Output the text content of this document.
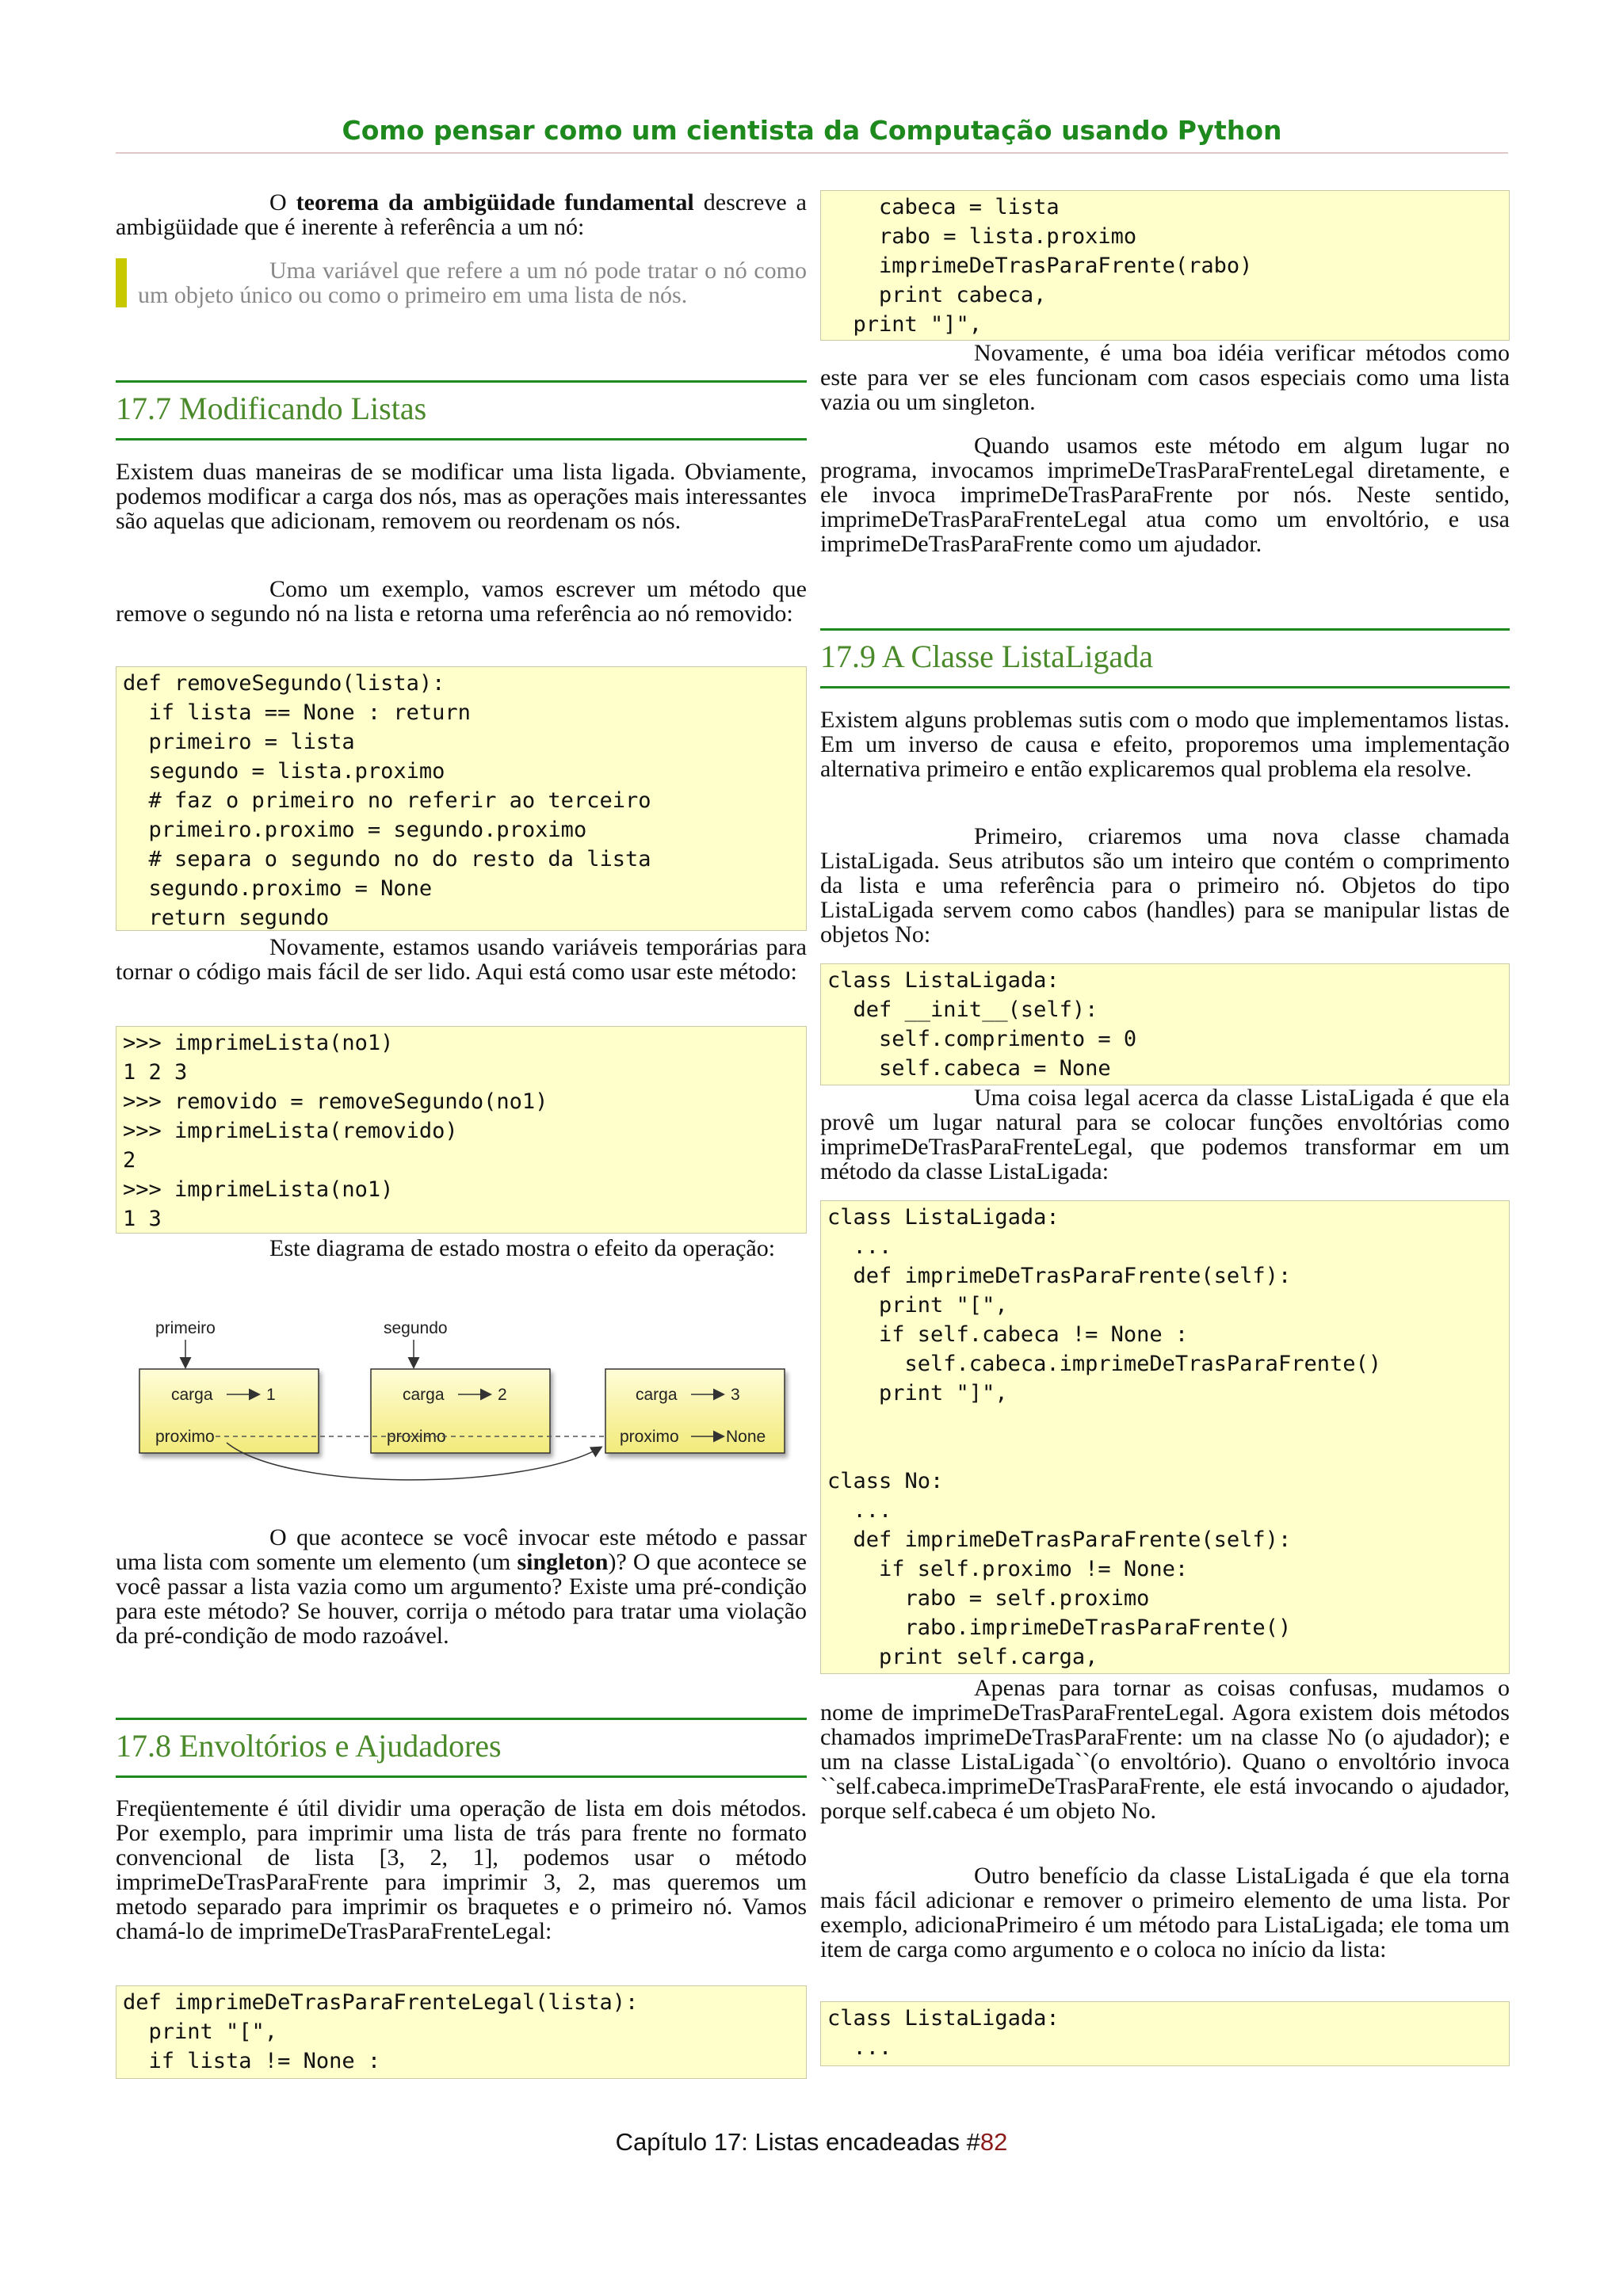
Como pensar como um cientista da Computação usando Python

O teorema da ambigüidade fundamental descreve a ambigüidade que é inerente à referência a um nó:

Uma variável que refere a um nó pode tratar o nó como um objeto único ou como o primeiro em uma lista de nós.

17.7 Modificando Listas

Existem duas maneiras de se modificar uma lista ligada. Obviamente, podemos modificar a carga dos nós, mas as operações mais interessantes são aquelas que adicionam, removem ou reordenam os nós.

Como um exemplo, vamos escrever um método que remove o segundo nó na lista e retorna uma referência ao nó removido:

def removeSegundo(lista):
if lista == None : return
primeiro = lista
segundo = lista.proximo
# faz o primeiro no referir ao terceiro
primeiro.proximo = segundo.proximo
# separa o segundo no do resto da lista
segundo.proximo = None
return segundo

Novamente, estamos usando variáveis temporárias para tornar o código mais fácil de ser lido. Aqui está como usar este método:

>>> imprimeLista(no1)
1 2 3
>>> removido = removeSegundo(no1)
>>> imprimeLista(removido)
2
>>> imprimeLista(no1)
1 3

Este diagrama de estado mostra o efeito da operação:

primeiro	segundo
carga	1
proximo
carga	2
proximo
carga	3
proximo	None

O que acontece se você invocar este método e passar uma lista com somente um elemento (um singleton)? O que acontece se você passar a lista vazia como um argumento? Existe uma pré-condição para este método? Se houver, corrija o método para tratar uma violação da pré-condição de modo razoável.

17.8 Envoltórios e Ajudadores

Freqüentemente é útil dividir uma operação de lista em dois métodos. Por exemplo, para imprimir uma lista de trás para frente no formato convencional de lista [3, 2, 1], podemos usar o método imprimeDeTrasParaFrente para imprimir 3, 2, mas queremos um metodo separado para imprimir os braquetes e o primeiro nó. Vamos chamá-lo de imprimeDeTrasParaFrenteLegal:

def imprimeDeTrasParaFrenteLegal(lista):
print "[",
if lista != None :
cabeca = lista
rabo = lista.proximo
imprimeDeTrasParaFrente(rabo)
print cabeca,
print "]",

Novamente, é uma boa idéia verificar métodos como este para ver se eles funcionam com casos especiais como uma lista vazia ou um singleton.

Quando usamos este método em algum lugar no programa, invocamos imprimeDeTrasParaFrenteLegal diretamente, e ele invoca imprimeDeTrasParaFrente por nós. Neste sentido, imprimeDeTrasParaFrenteLegal atua como um envoltório, e usa imprimeDeTrasParaFrente como um ajudador.

17.9 A Classe ListaLigada

Existem alguns problemas sutis com o modo que implementamos listas. Em um inverso de causa e efeito, proporemos uma implementação alternativa primeiro e então explicaremos qual problema ela resolve.

Primeiro, criaremos uma nova classe chamada ListaLigada. Seus atributos são um inteiro que contém o comprimento da lista e uma referência para o primeiro nó. Objetos do tipo ListaLigada servem como cabos (handles) para se manipular listas de objetos No:

class ListaLigada:
def __init__(self):
self.comprimento = 0
self.cabeca = None

Uma coisa legal acerca da classe ListaLigada é que ela provê um lugar natural para se colocar funções envoltórias como imprimeDeTrasParaFrenteLegal, que podemos transformar em um método da classe ListaLigada:

class ListaLigada:
...
def imprimeDeTrasParaFrente(self):
print "[",
if self.cabeca != None :
self.cabeca.imprimeDeTrasParaFrente()
print "]",

class No:
...
def imprimeDeTrasParaFrente(self):
if self.proximo != None:
rabo = self.proximo
rabo.imprimeDeTrasParaFrente()
print self.carga,

Apenas para tornar as coisas confusas, mudamos o nome de imprimeDeTrasParaFrenteLegal. Agora existem dois métodos chamados imprimeDeTrasParaFrente: um na classe No (o ajudador); e um na classe ListaLigada``(o envoltório). Quano o envoltório invoca ``self.cabeca.imprimeDeTrasParaFrente, ele está invocando o ajudador, porque self.cabeca é um objeto No.

Outro benefício da classe ListaLigada é que ela torna mais fácil adicionar e remover o primeiro elemento de uma lista. Por exemplo, adicionaPrimeiro é um método para ListaLigada; ele toma um item de carga como argumento e o coloca no início da lista:

class ListaLigada:
...
Capítulo 17: Listas encadeadas #82
